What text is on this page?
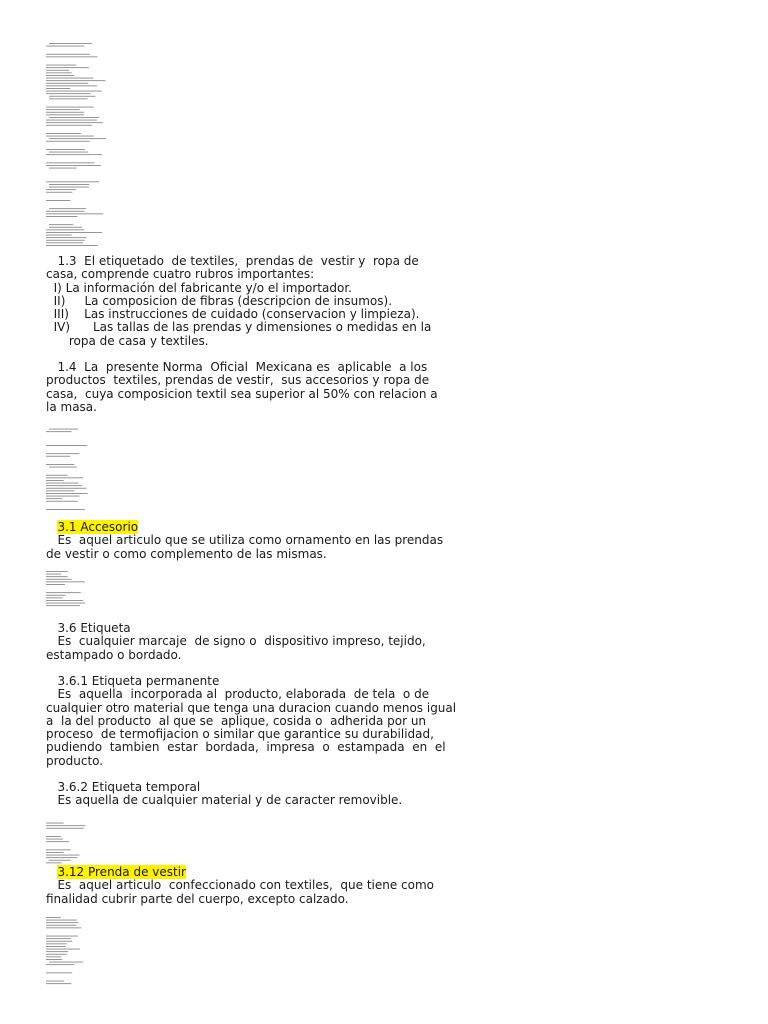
1.3  El etiquetado  de textiles,  prendas de  vestir y  ropa de
casa, comprende cuatro rubros importantes:
I) La información del fabricante y/o el importador.
II)     La composicion de fibras (descripcion de insumos).
III)    Las instrucciones de cuidado (conservacion y limpieza).
IV)      Las tallas de las prendas y dimensiones o medidas en la
ropa de casa y textiles.
1.4  La  presente Norma  Oficial  Mexicana es  aplicable  a los
productos  textiles, prendas de vestir,  sus accesorios y ropa de
casa,  cuya composicion textil sea superior al 50% con relacion a
la masa.
3.1 Accesorio
Es  aquel articulo que se utiliza como ornamento en las prendas
de vestir o como complemento de las mismas.
3.6 Etiqueta
Es  cualquier marcaje  de signo o  dispositivo impreso, tejido,
estampado o bordado.
3.6.1 Etiqueta permanente
Es  aquella  incorporada al  producto, elaborada  de tela  o de
cualquier otro material que tenga una duracion cuando menos igual
a  la del producto  al que se  aplique, cosida o  adherida por un
proceso  de termofijacion o similar que garantice su durabilidad,
pudiendo  tambien  estar  bordada,  impresa  o  estampada  en  el
producto.
3.6.2 Etiqueta temporal
Es aquella de cualquier material y de caracter removible.
3.12 Prenda de vestir
Es  aquel articulo  confeccionado con textiles,  que tiene como
finalidad cubrir parte del cuerpo, excepto calzado.
